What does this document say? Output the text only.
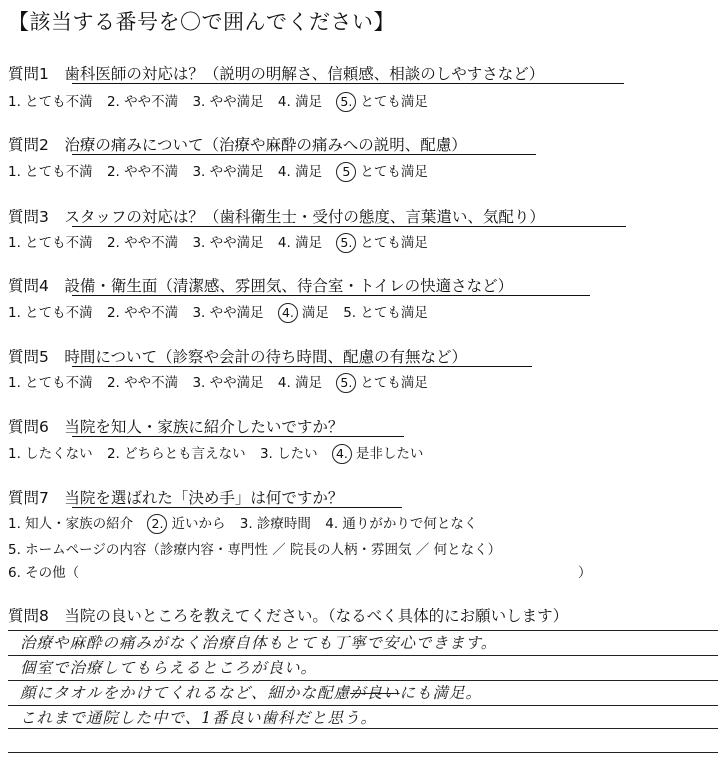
【該当する番号を〇で囲んでください】
質問1　歯科医師の対応は？（説明の明解さ、信頼感、相談のしやすさなど）
1. とても不満 2. やや不満 3. やや満足 4. 満足 5. とても満足
質問2　治療の痛みについて（治療や麻酔の痛みへの説明、配慮）
1. とても不満 2. やや不満 3. やや満足 4. 満足 5 とても満足
質問3　スタッフの対応は？（歯科衛生士・受付の態度、言葉遣い、気配り）
1. とても不満 2. やや不満 3. やや満足 4. 満足 5. とても満足
質問4　設備・衛生面（清潔感、雰囲気、待合室・トイレの快適さなど）
1. とても不満 2. やや不満 3. やや満足 4. 満足 5. とても満足
質問5　時間について（診察や会計の待ち時間、配慮の有無など）
1. とても不満 2. やや不満 3. やや満足 4. 満足 5. とても満足
質問6　当院を知人・家族に紹介したいですか？
1. したくない 2. どちらとも言えない 3. したい 4. 是非したい
質問7　当院を選ばれた「決め手」は何ですか？
1. 知人・家族の紹介 2. 近いから 3. 診療時間 4. 通りがかりで何となく
5. ホームページの内容（診療内容・専門性 ／ 院長の人柄・雰囲気 ／ 何となく）
6. その他（	）
質問8　当院の良いところを教えてください。（なるべく具体的にお願いします）
治療や麻酔の痛みがなく治療自体もとても丁寧で安心できます。
個室で治療してもらえるところが良い。
顔にタオルをかけてくれるなど、細かな配慮が良いにも満足。
これまで通院した中で、1番良い歯科だと思う。
